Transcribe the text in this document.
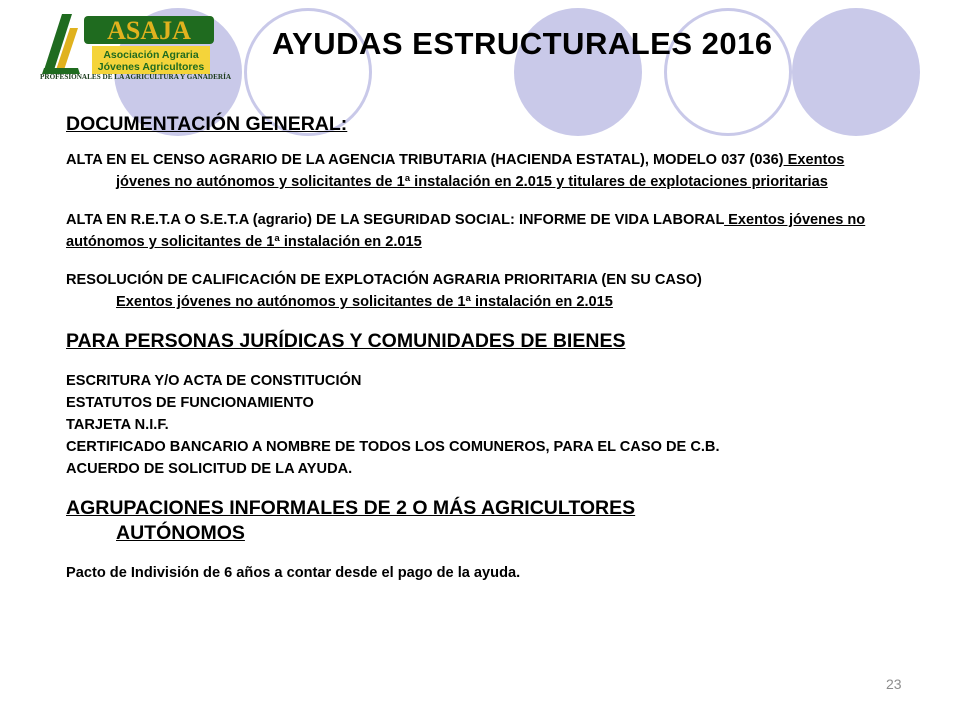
ASAJA
Asociación Agraria
Jóvenes Agricultores
PROFESIONALES DE LA AGRICULTURA Y GANADERÍA
AYUDAS ESTRUCTURALES 2016

DOCUMENTACIÓN GENERAL:

ALTA EN EL CENSO AGRARIO DE LA AGENCIA TRIBUTARIA (HACIENDA ESTATAL), MODELO 037 (036) Exentos jóvenes no autónomos y solicitantes de 1ª instalación en 2.015 y titulares de explotaciones prioritarias

ALTA EN R.E.T.A O S.E.T.A (agrario) DE LA SEGURIDAD SOCIAL: INFORME DE VIDA LABORAL Exentos jóvenes no autónomos y solicitantes de 1ª instalación en 2.015

RESOLUCIÓN DE CALIFICACIÓN DE EXPLOTACIÓN AGRARIA PRIORITARIA (EN SU CASO)

Exentos jóvenes no autónomos y solicitantes de 1ª instalación en 2.015

PARA PERSONAS JURÍDICAS Y COMUNIDADES DE BIENES

ESCRITURA Y/O ACTA DE CONSTITUCIÓN

ESTATUTOS DE FUNCIONAMIENTO

TARJETA N.I.F.

CERTIFICADO BANCARIO A NOMBRE DE TODOS LOS COMUNEROS, PARA EL CASO DE C.B.

ACUERDO DE SOLICITUD DE LA AYUDA.

AGRUPACIONES INFORMALES DE 2 O MÁS AGRICULTORES
AUTÓNOMOS

Pacto de Indivisión de 6 años a contar desde el pago de la ayuda.

23
